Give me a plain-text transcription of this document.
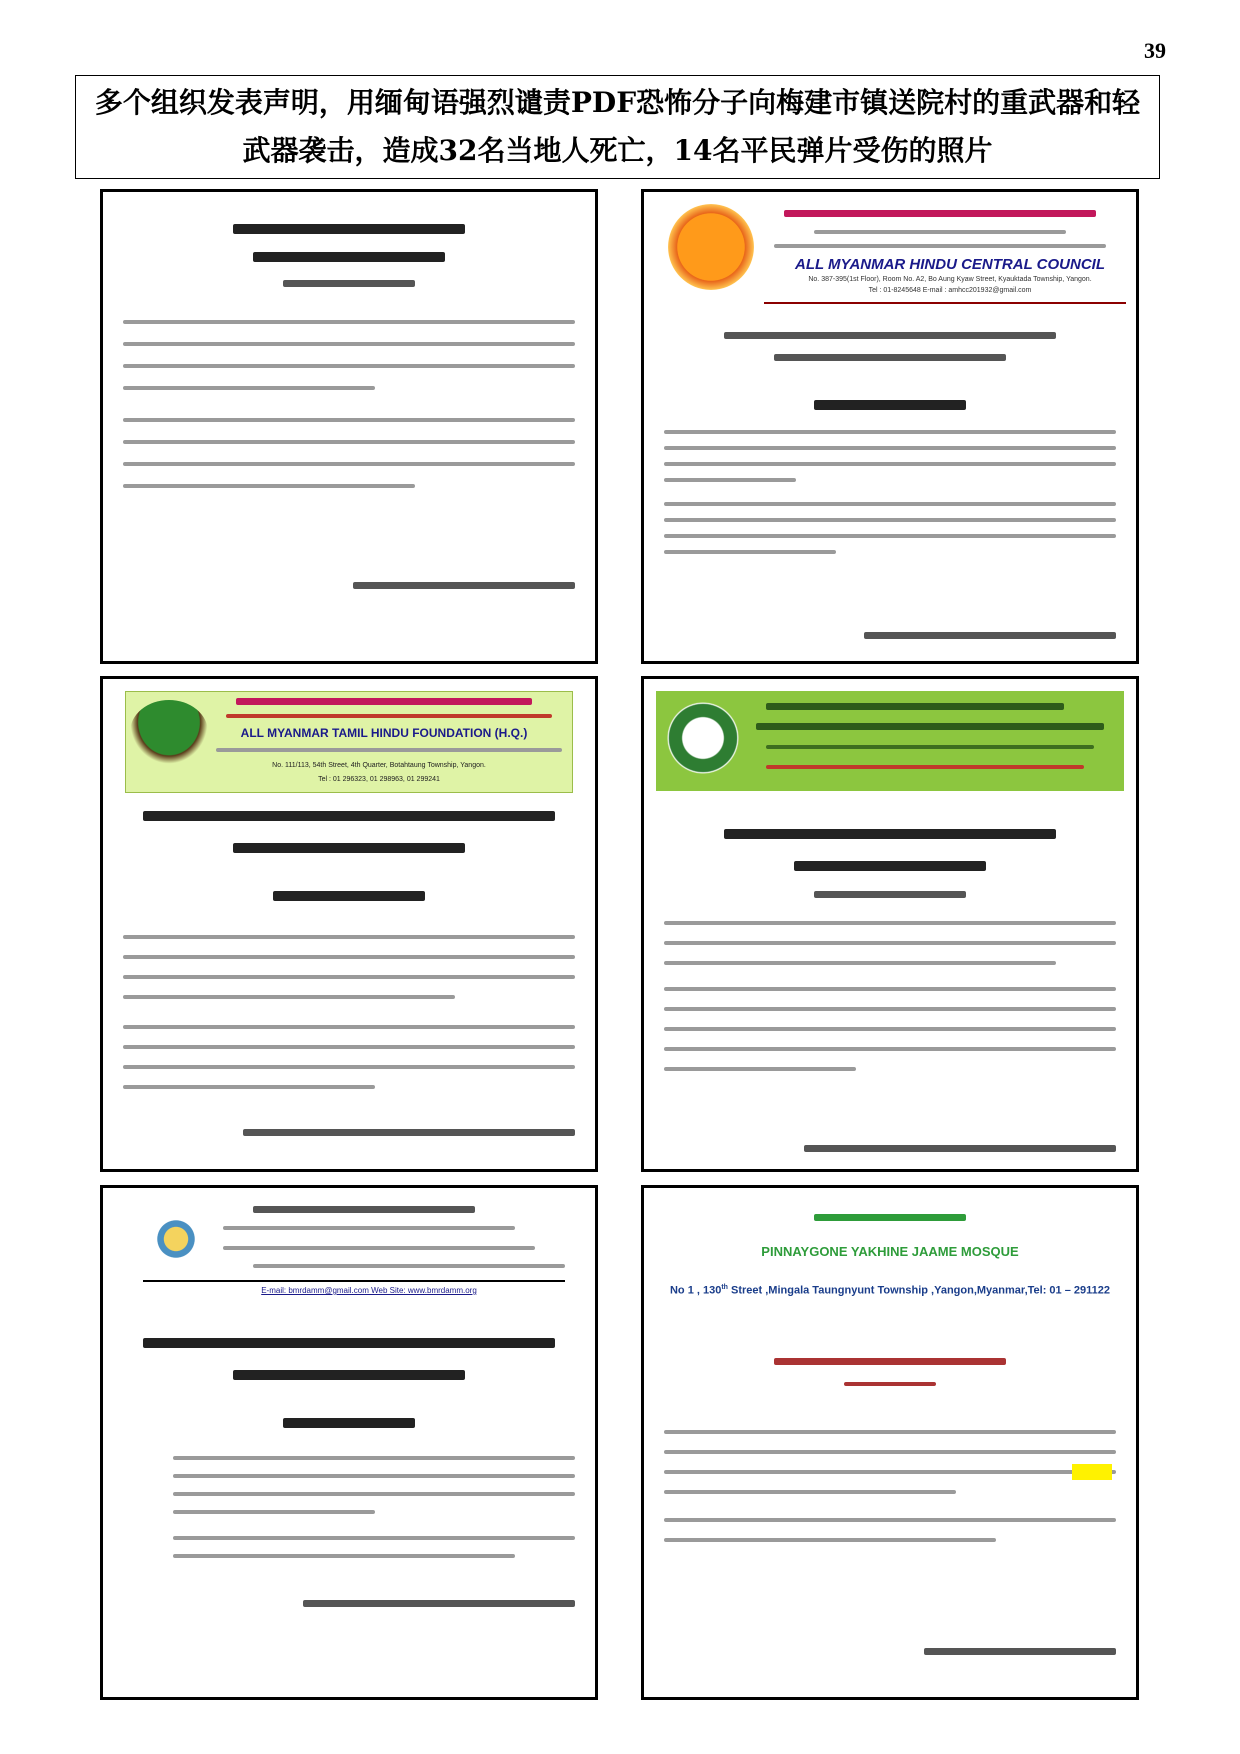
39
多个组织发表声明，用缅甸语强烈谴责PDF恐怖分子向梅建市镇送院村的重武器和轻
武器袭击，造成32名当地人死亡，14名平民弹片受伤的照片
ALL MYANMAR HINDU CENTRAL COUNCIL
No. 387-395(1st Floor), Room No. A2, Bo Aung Kyaw Street, Kyauktada Township, Yangon.
Tel : 01-8245648 E-mail : amhcc201932@gmail.com
ALL MYANMAR TAMIL HINDU FOUNDATION (H.Q.)
No. 111/113, 54th Street, 4th Quarter, Botahtaung Township, Yangon.
Tel : 01 296323, 01 298963, 01 299241
E-mail: bmrdamm@gmail.com Web Site: www.bmrdamm.org
PINNAYGONE YAKHINE JAAME MOSQUE
No 1 , 130th Street ,Mingala Taungnyunt Township ,Yangon,Myanmar,Tel: 01 – 291122
